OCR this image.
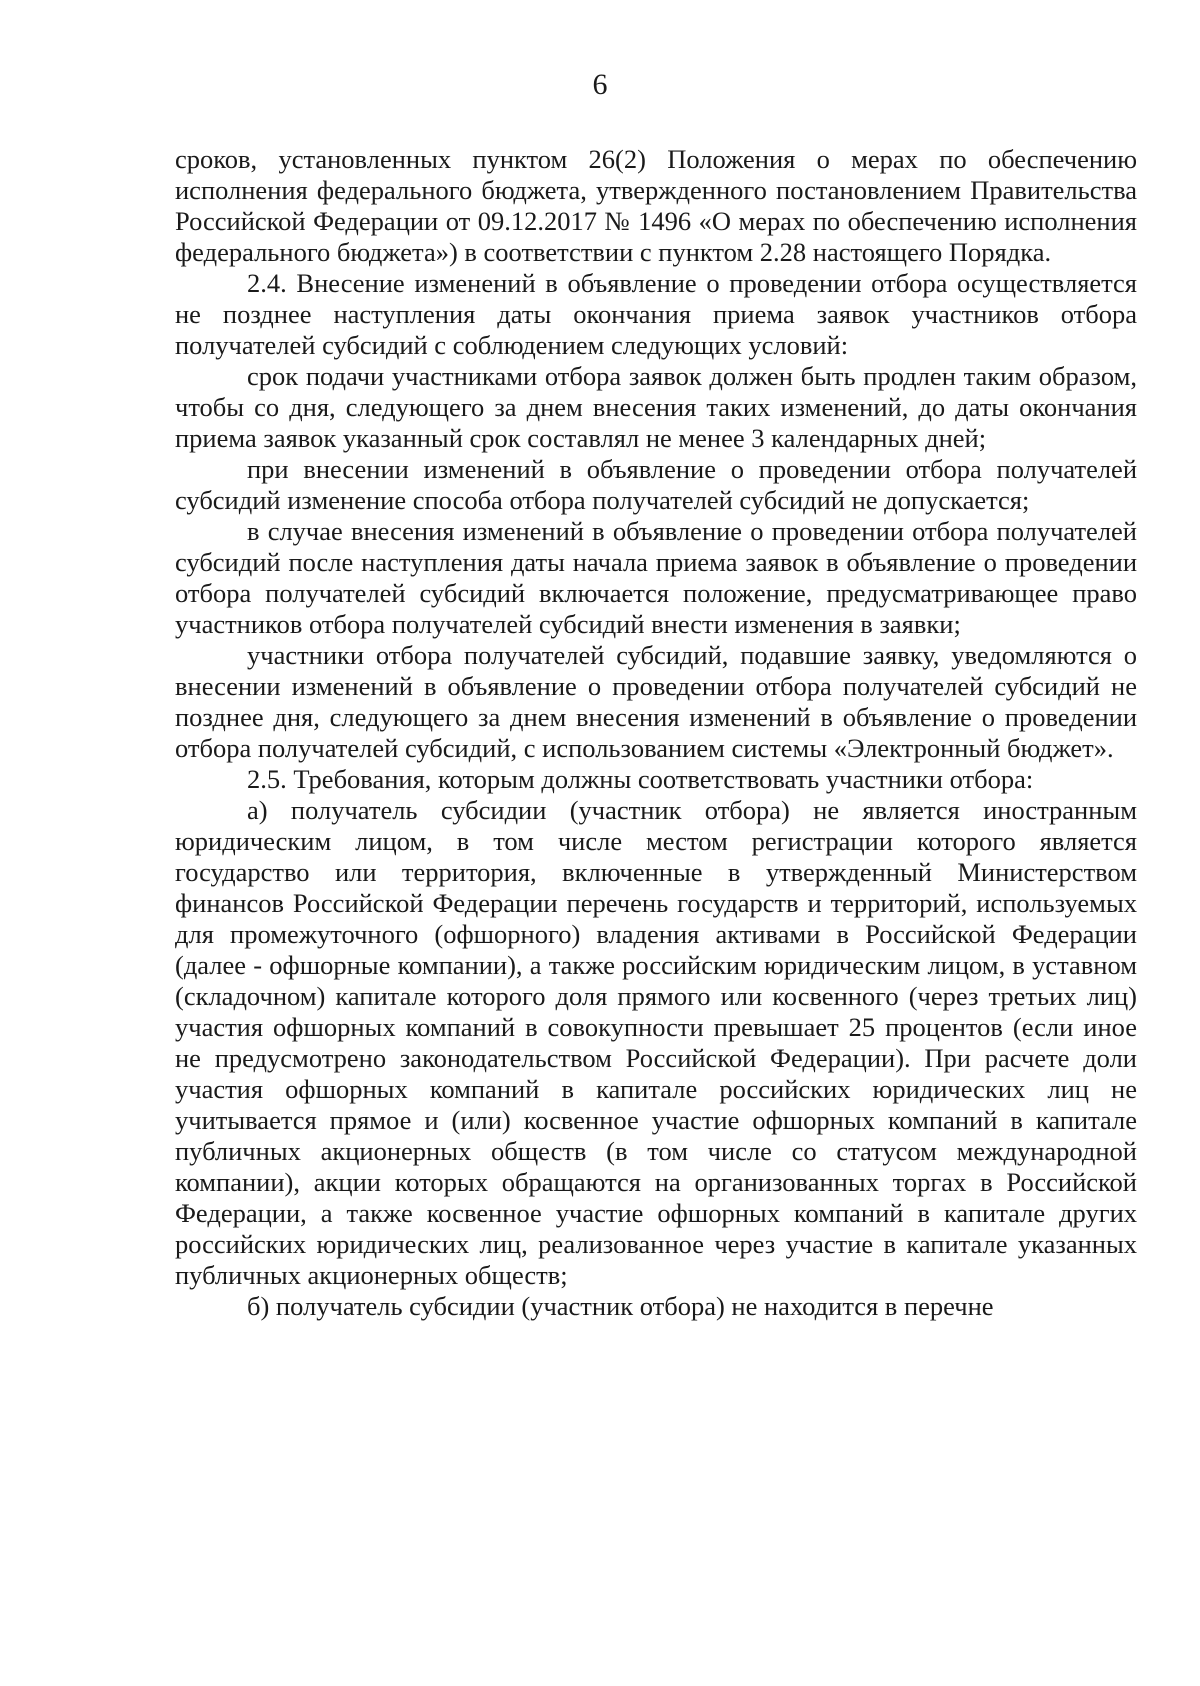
6

сроков, установленных пунктом 26(2) Положения о мерах по обеспечению исполнения федерального бюджета, утвержденного постановлением Правительства Российской Федерации от 09.12.2017 № 1496 «О мерах по обеспечению исполнения федерального бюджета») в соответствии с пунктом 2.28 настоящего Порядка.

2.4. Внесение изменений в объявление о проведении отбора осуществляется не позднее наступления даты окончания приема заявок участников отбора получателей субсидий с соблюдением следующих условий:

срок подачи участниками отбора заявок должен быть продлен таким образом, чтобы со дня, следующего за днем внесения таких изменений, до даты окончания приема заявок указанный срок составлял не менее 3 календарных дней;

при внесении изменений в объявление о проведении отбора получателей субсидий изменение способа отбора получателей субсидий не допускается;

в случае внесения изменений в объявление о проведении отбора получателей субсидий после наступления даты начала приема заявок в объявление о проведении отбора получателей субсидий включается положение, предусматривающее право участников отбора получателей субсидий внести изменения в заявки;

участники отбора получателей субсидий, подавшие заявку, уведомляются о внесении изменений в объявление о проведении отбора получателей субсидий не позднее дня, следующего за днем внесения изменений в объявление о проведении отбора получателей субсидий, с использованием системы «Электронный бюджет».

2.5. Требования, которым должны соответствовать участники отбора:

а) получатель субсидии (участник отбора) не является иностранным юридическим лицом, в том числе местом регистрации которого является государство или территория, включенные в утвержденный Министерством финансов Российской Федерации перечень государств и территорий, используемых для промежуточного (офшорного) владения активами в Российской Федерации (далее - офшорные компании), а также российским юридическим лицом, в уставном (складочном) капитале которого доля прямого или косвенного (через третьих лиц) участия офшорных компаний в совокупности превышает 25 процентов (если иное не предусмотрено законодательством Российской Федерации). При расчете доли участия офшорных компаний в капитале российских юридических лиц не учитывается прямое и (или) косвенное участие офшорных компаний в капитале публичных акционерных обществ (в том числе со статусом международной компании), акции которых обращаются на организованных торгах в Российской Федерации, а также косвенное участие офшорных компаний в капитале других российских юридических лиц, реализованное через участие в капитале указанных публичных акционерных обществ;

б) получатель субсидии (участник отбора) не находится в перечне
